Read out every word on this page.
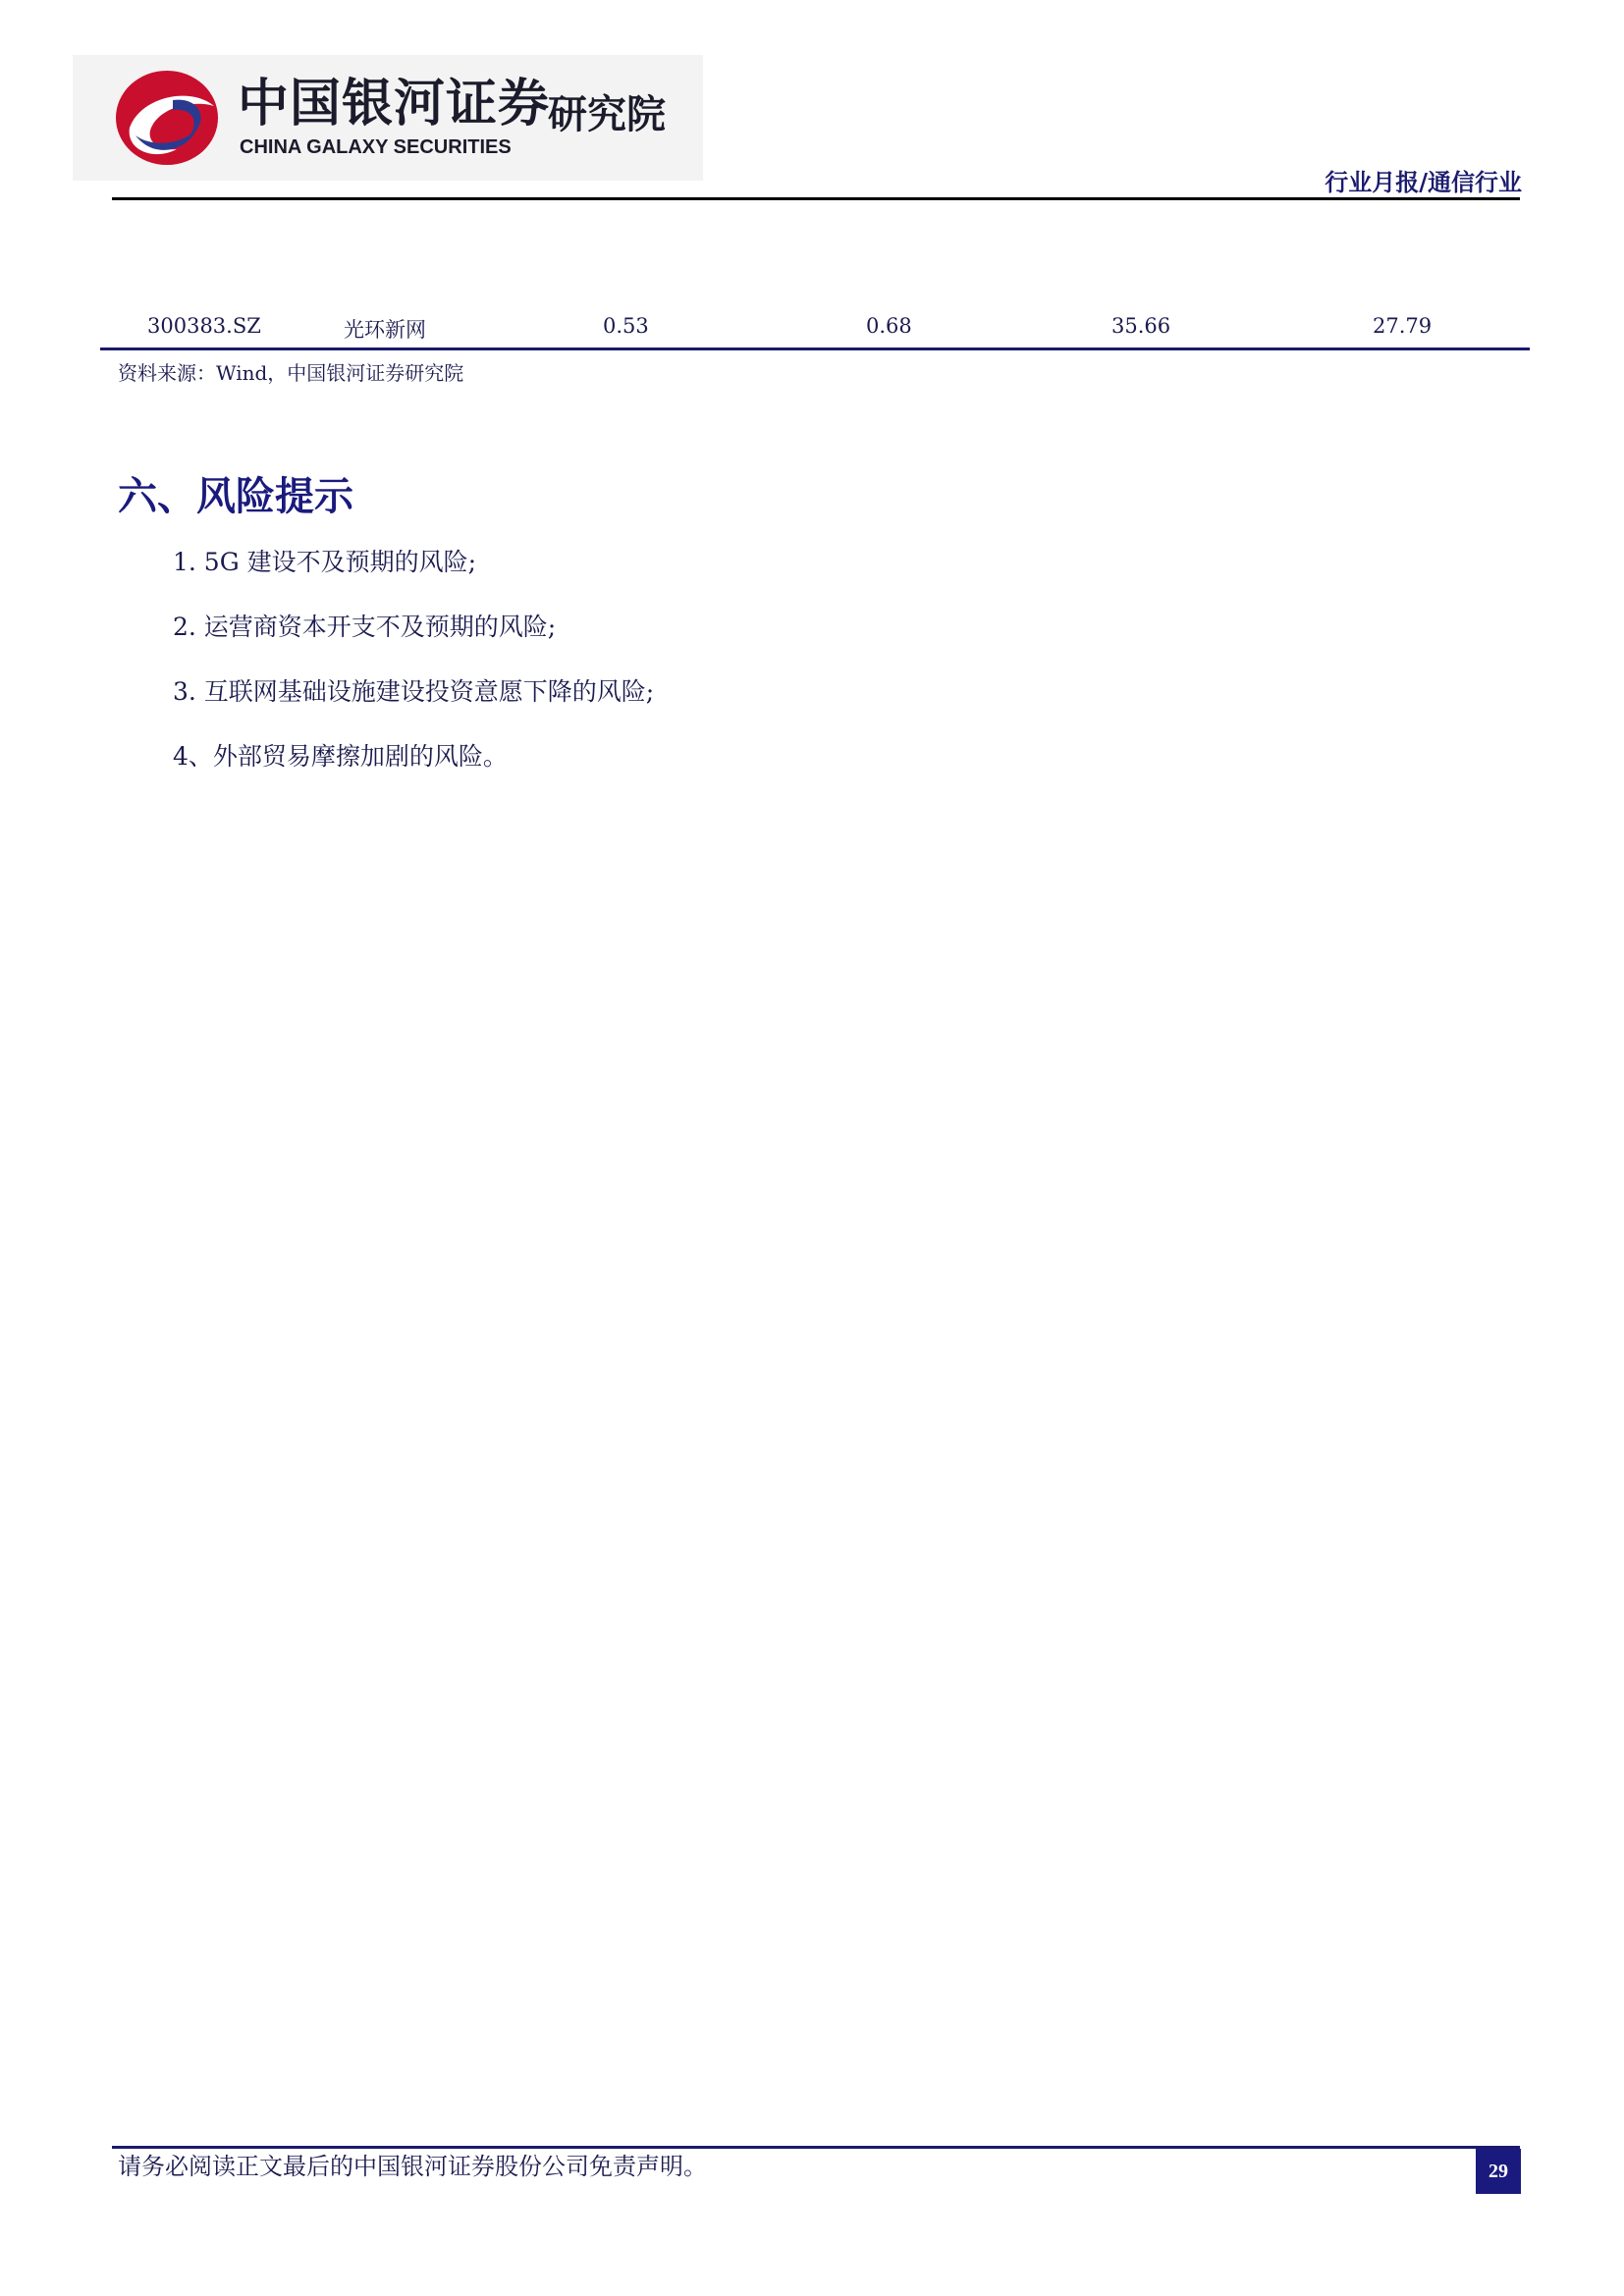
中国银河证券
CHINA GALAXY SECURITIES
研究院
行业月报/通信行业
300383.SZ	光环新网	0.53	0.68	35.66	27.79
资料来源：Wind，中国银河证券研究院
六、风险提示
1. 5G 建设不及预期的风险;
2. 运营商资本开支不及预期的风险;
3. 互联网基础设施建设投资意愿下降的风险;
4、外部贸易摩擦加剧的风险。
请务必阅读正文最后的中国银河证券股份公司免责声明。	29
